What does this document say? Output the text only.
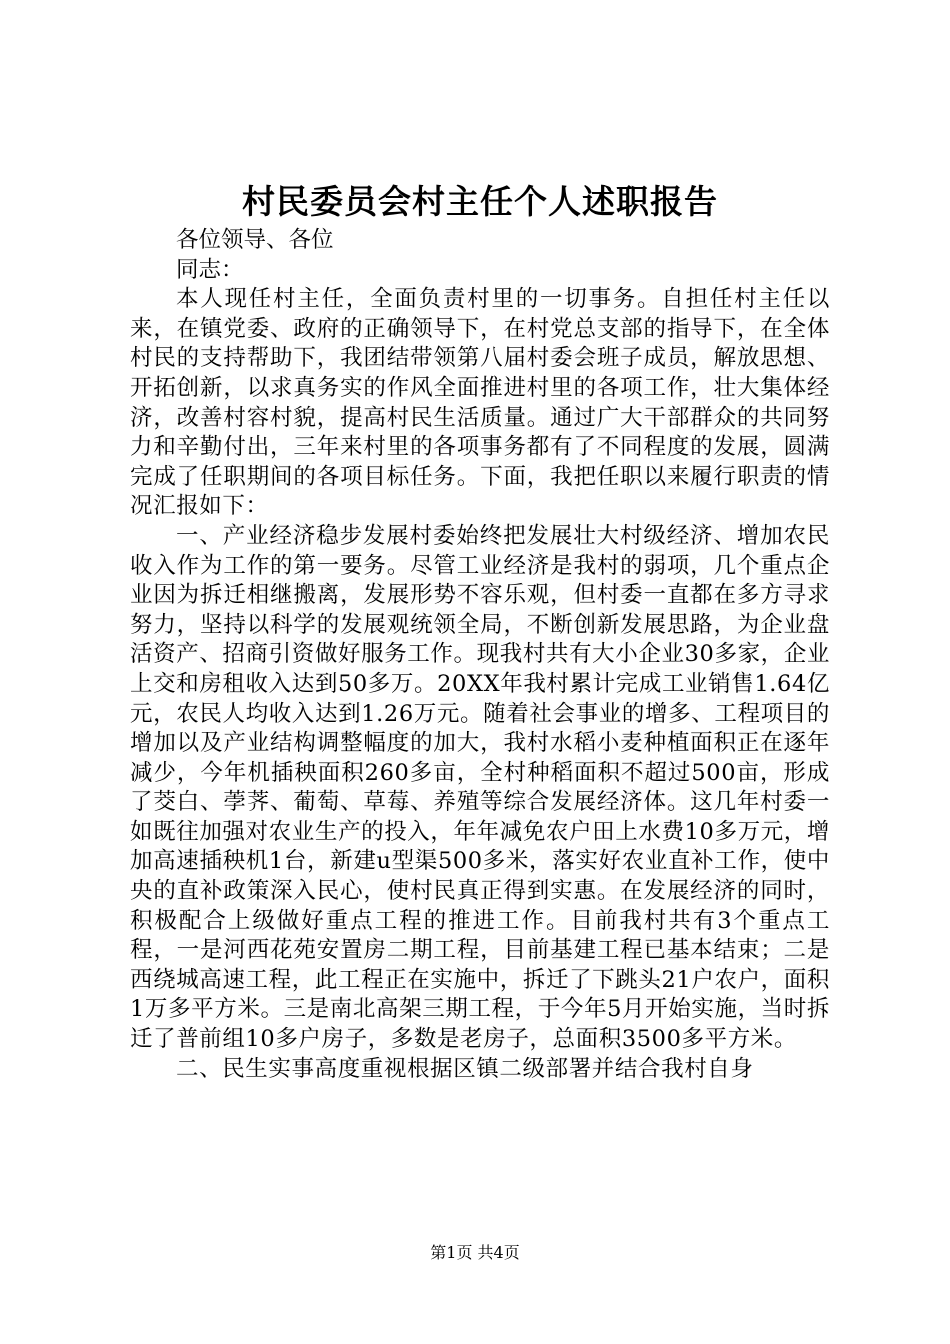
村民委员会村主任个人述职报告

各位领导、各位

同志：

本人现任村主任，全面负责村里的一切事务。自担任村主任以来，在镇党委、政府的正确领导下，在村党总支部的指导下，在全体村民的支持帮助下，我团结带领第八届村委会班子成员，解放思想、开拓创新，以求真务实的作风全面推进村里的各项工作，壮大集体经济，改善村容村貌，提高村民生活质量。通过广大干部群众的共同努力和辛勤付出，三年来村里的各项事务都有了不同程度的发展，圆满完成了任职期间的各项目标任务。下面，我把任职以来履行职责的情况汇报如下：

一、产业经济稳步发展村委始终把发展壮大村级经济、增加农民收入作为工作的第一要务。尽管工业经济是我村的弱项，几个重点企业因为拆迁相继搬离，发展形势不容乐观，但村委一直都在多方寻求努力，坚持以科学的发展观统领全局，不断创新发展思路，为企业盘活资产、招商引资做好服务工作。现我村共有大小企业30多家，企业上交和房租收入达到50多万。20XX年我村累计完成工业销售1.64亿元，农民人均收入达到1.26万元。随着社会事业的增多、工程项目的增加以及产业结构调整幅度的加大，我村水稻小麦种植面积正在逐年减少，今年机插秧面积260多亩，全村种稻面积不超过500亩，形成了茭白、荸荠、葡萄、草莓、养殖等综合发展经济体。这几年村委一如既往加强对农业生产的投入，年年减免农户田上水费10多万元，增加高速插秧机1台，新建u型渠500多米，落实好农业直补工作，使中央的直补政策深入民心，使村民真正得到实惠。在发展经济的同时，积极配合上级做好重点工程的推进工作。目前我村共有3个重点工程，一是河西花苑安置房二期工程，目前基建工程已基本结束；二是西绕城高速工程，此工程正在实施中，拆迁了下跳头21户农户，面积1万多平方米。三是南北高架三期工程，于今年5月开始实施，当时拆迁了普前组10多户房子，多数是老房子，总面积3500多平方米。

二、民生实事高度重视根据区镇二级部署并结合我村自身

第1页 共4页
